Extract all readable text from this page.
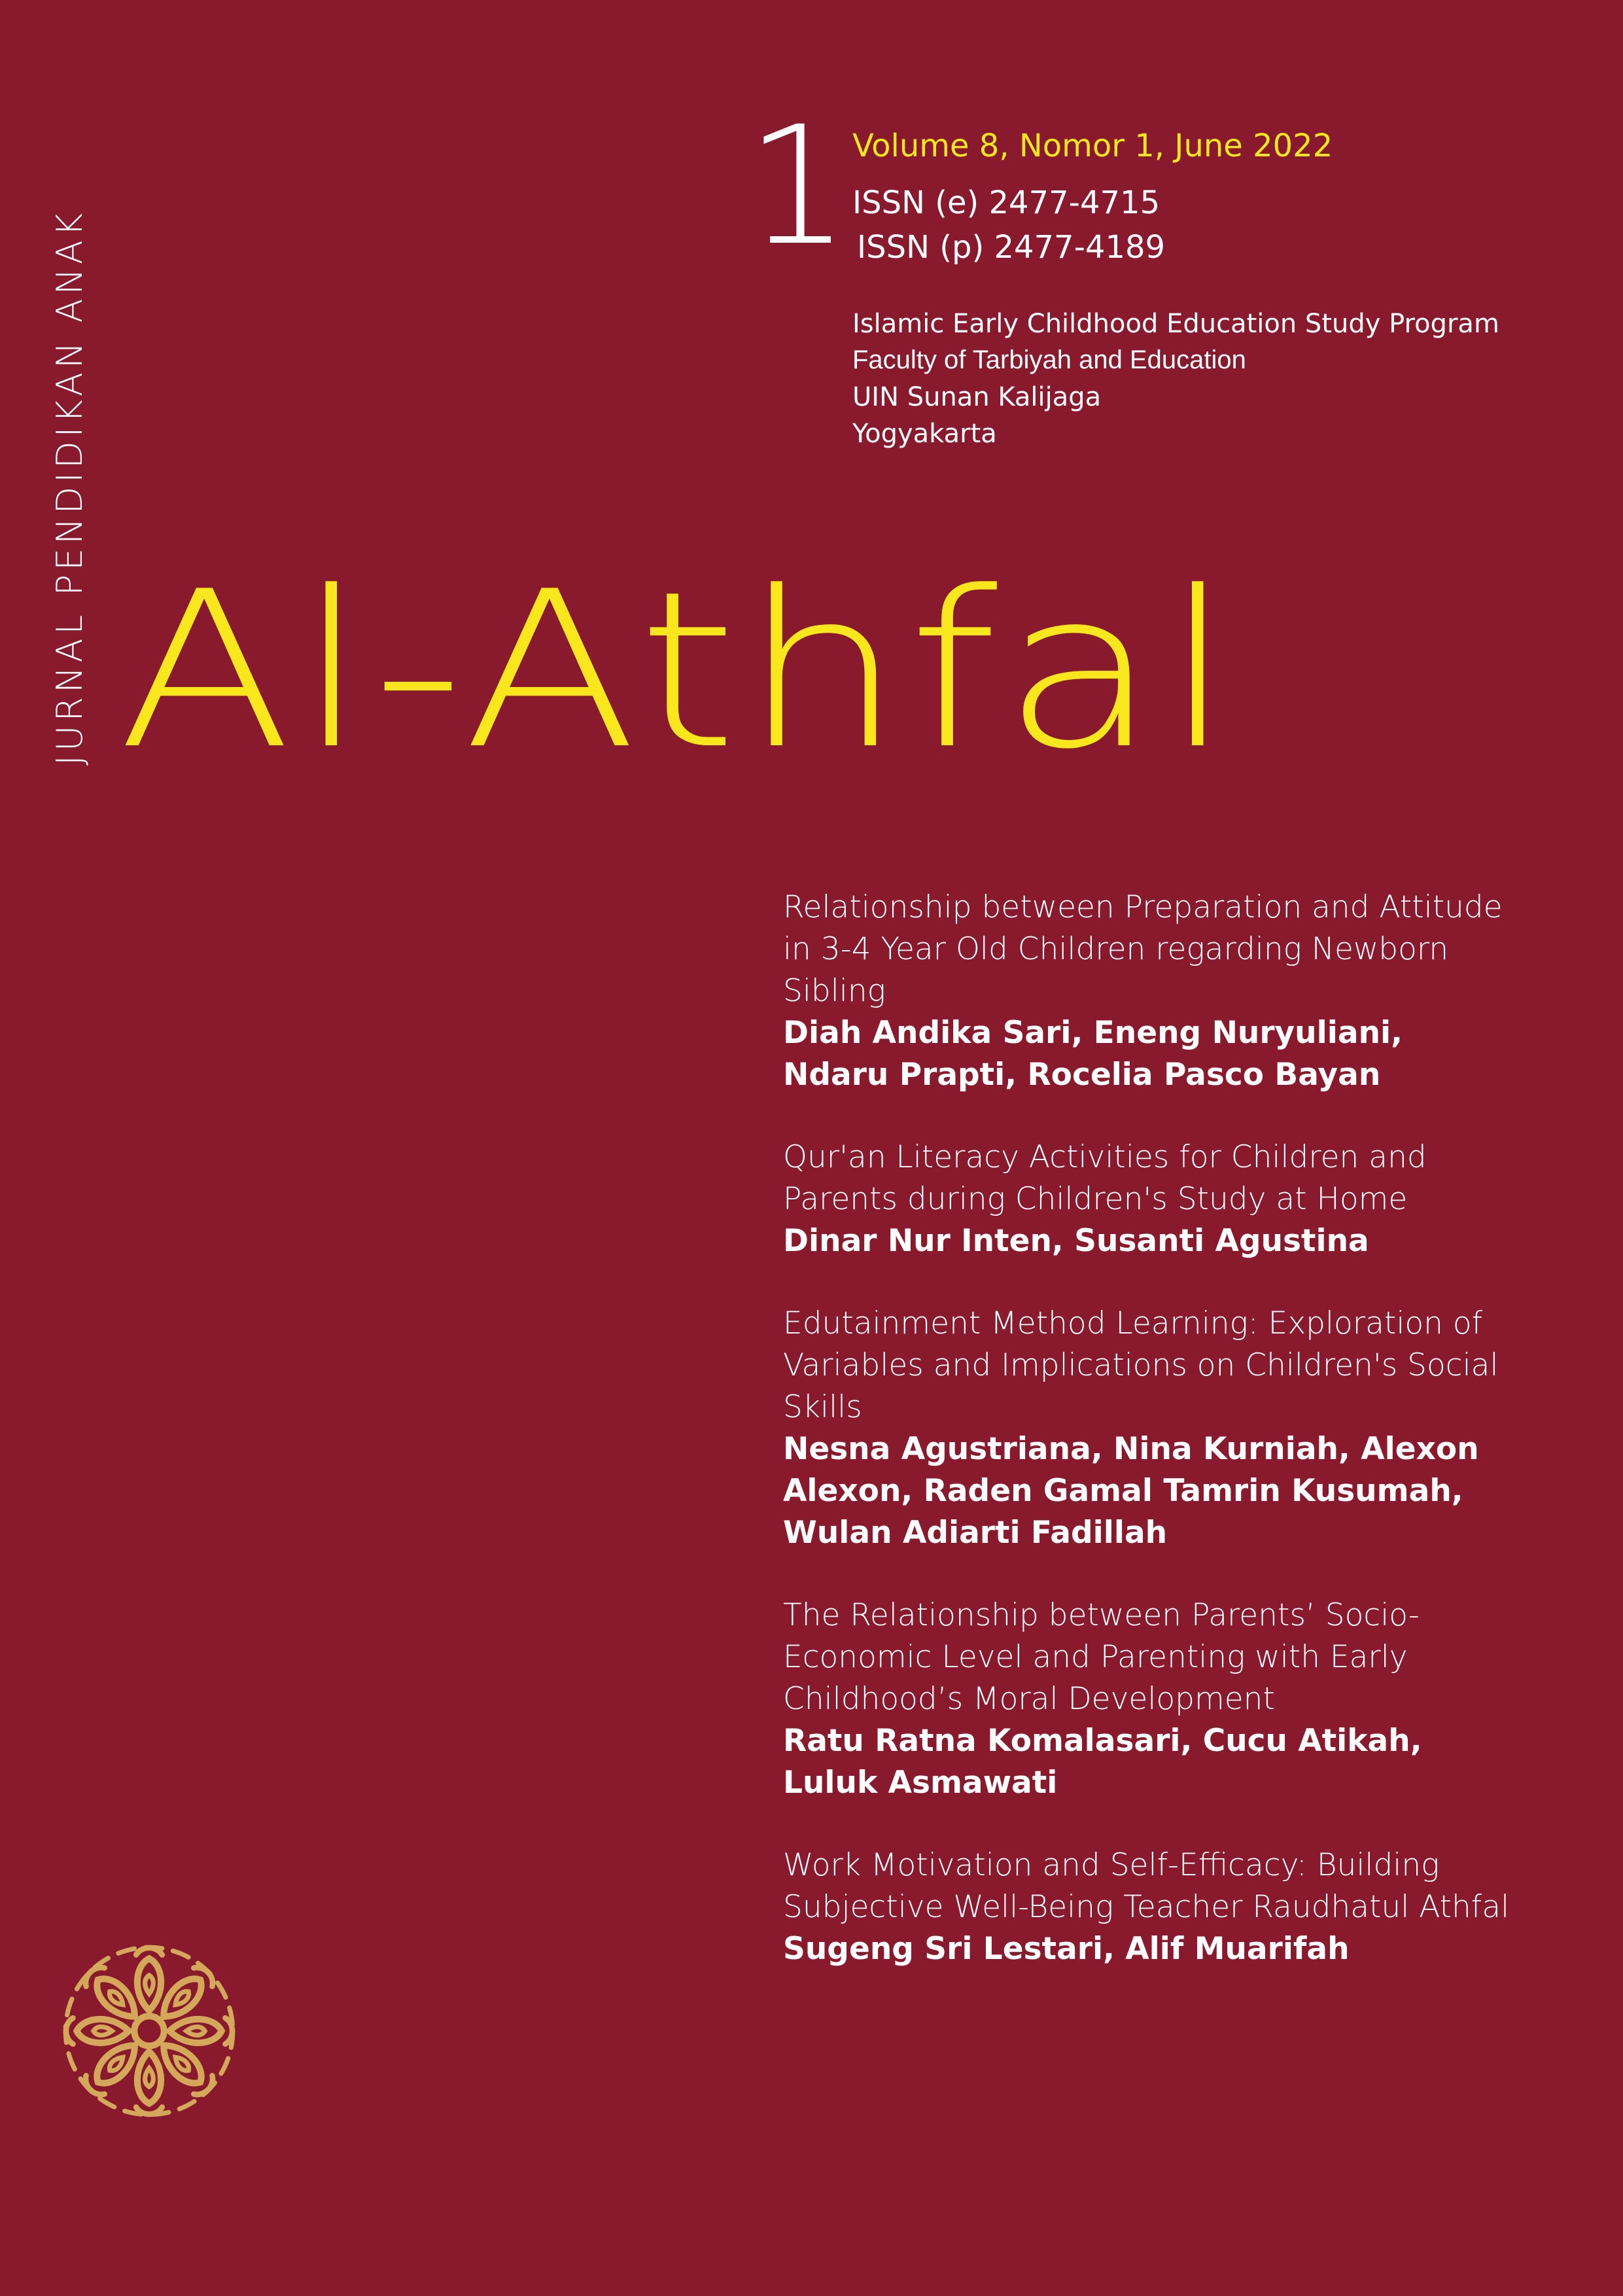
JURNAL PENDIDIKAN ANAK
1 Volume 8, Nomor 1, June 2022
ISSN (e) 2477-4715
ISSN (p) 2477-4189
Islamic Early Childhood Education Study Program
Faculty of Tarbiyah and Education
UIN Sunan Kalijaga
Yogyakarta
Al-Athfal

Relationship between Preparation and Attitude in 3-4 Year Old Children regarding Newborn Sibling

Diah Andika Sari, Eneng Nuryuliani, Ndaru Prapti, Rocelia Pasco Bayan

Qur'an Literacy Activities for Children and Parents during Children's Study at Home

Dinar Nur Inten, Susanti Agustina

Edutainment Method Learning: Exploration of Variables and Implications on Children's Social Skills

Nesna Agustriana, Nina Kurniah, Alexon Alexon, Raden Gamal Tamrin Kusumah, Wulan Adiarti Fadillah

The Relationship between Parents’ Socio-Economic Level and Parenting with Early Childhood’s Moral Development

Ratu Ratna Komalasari, Cucu Atikah, Luluk Asmawati

Work Motivation and Self-Efficacy: Building Subjective Well-Being Teacher Raudhatul Athfal

Sugeng Sri Lestari, Alif Muarifah
